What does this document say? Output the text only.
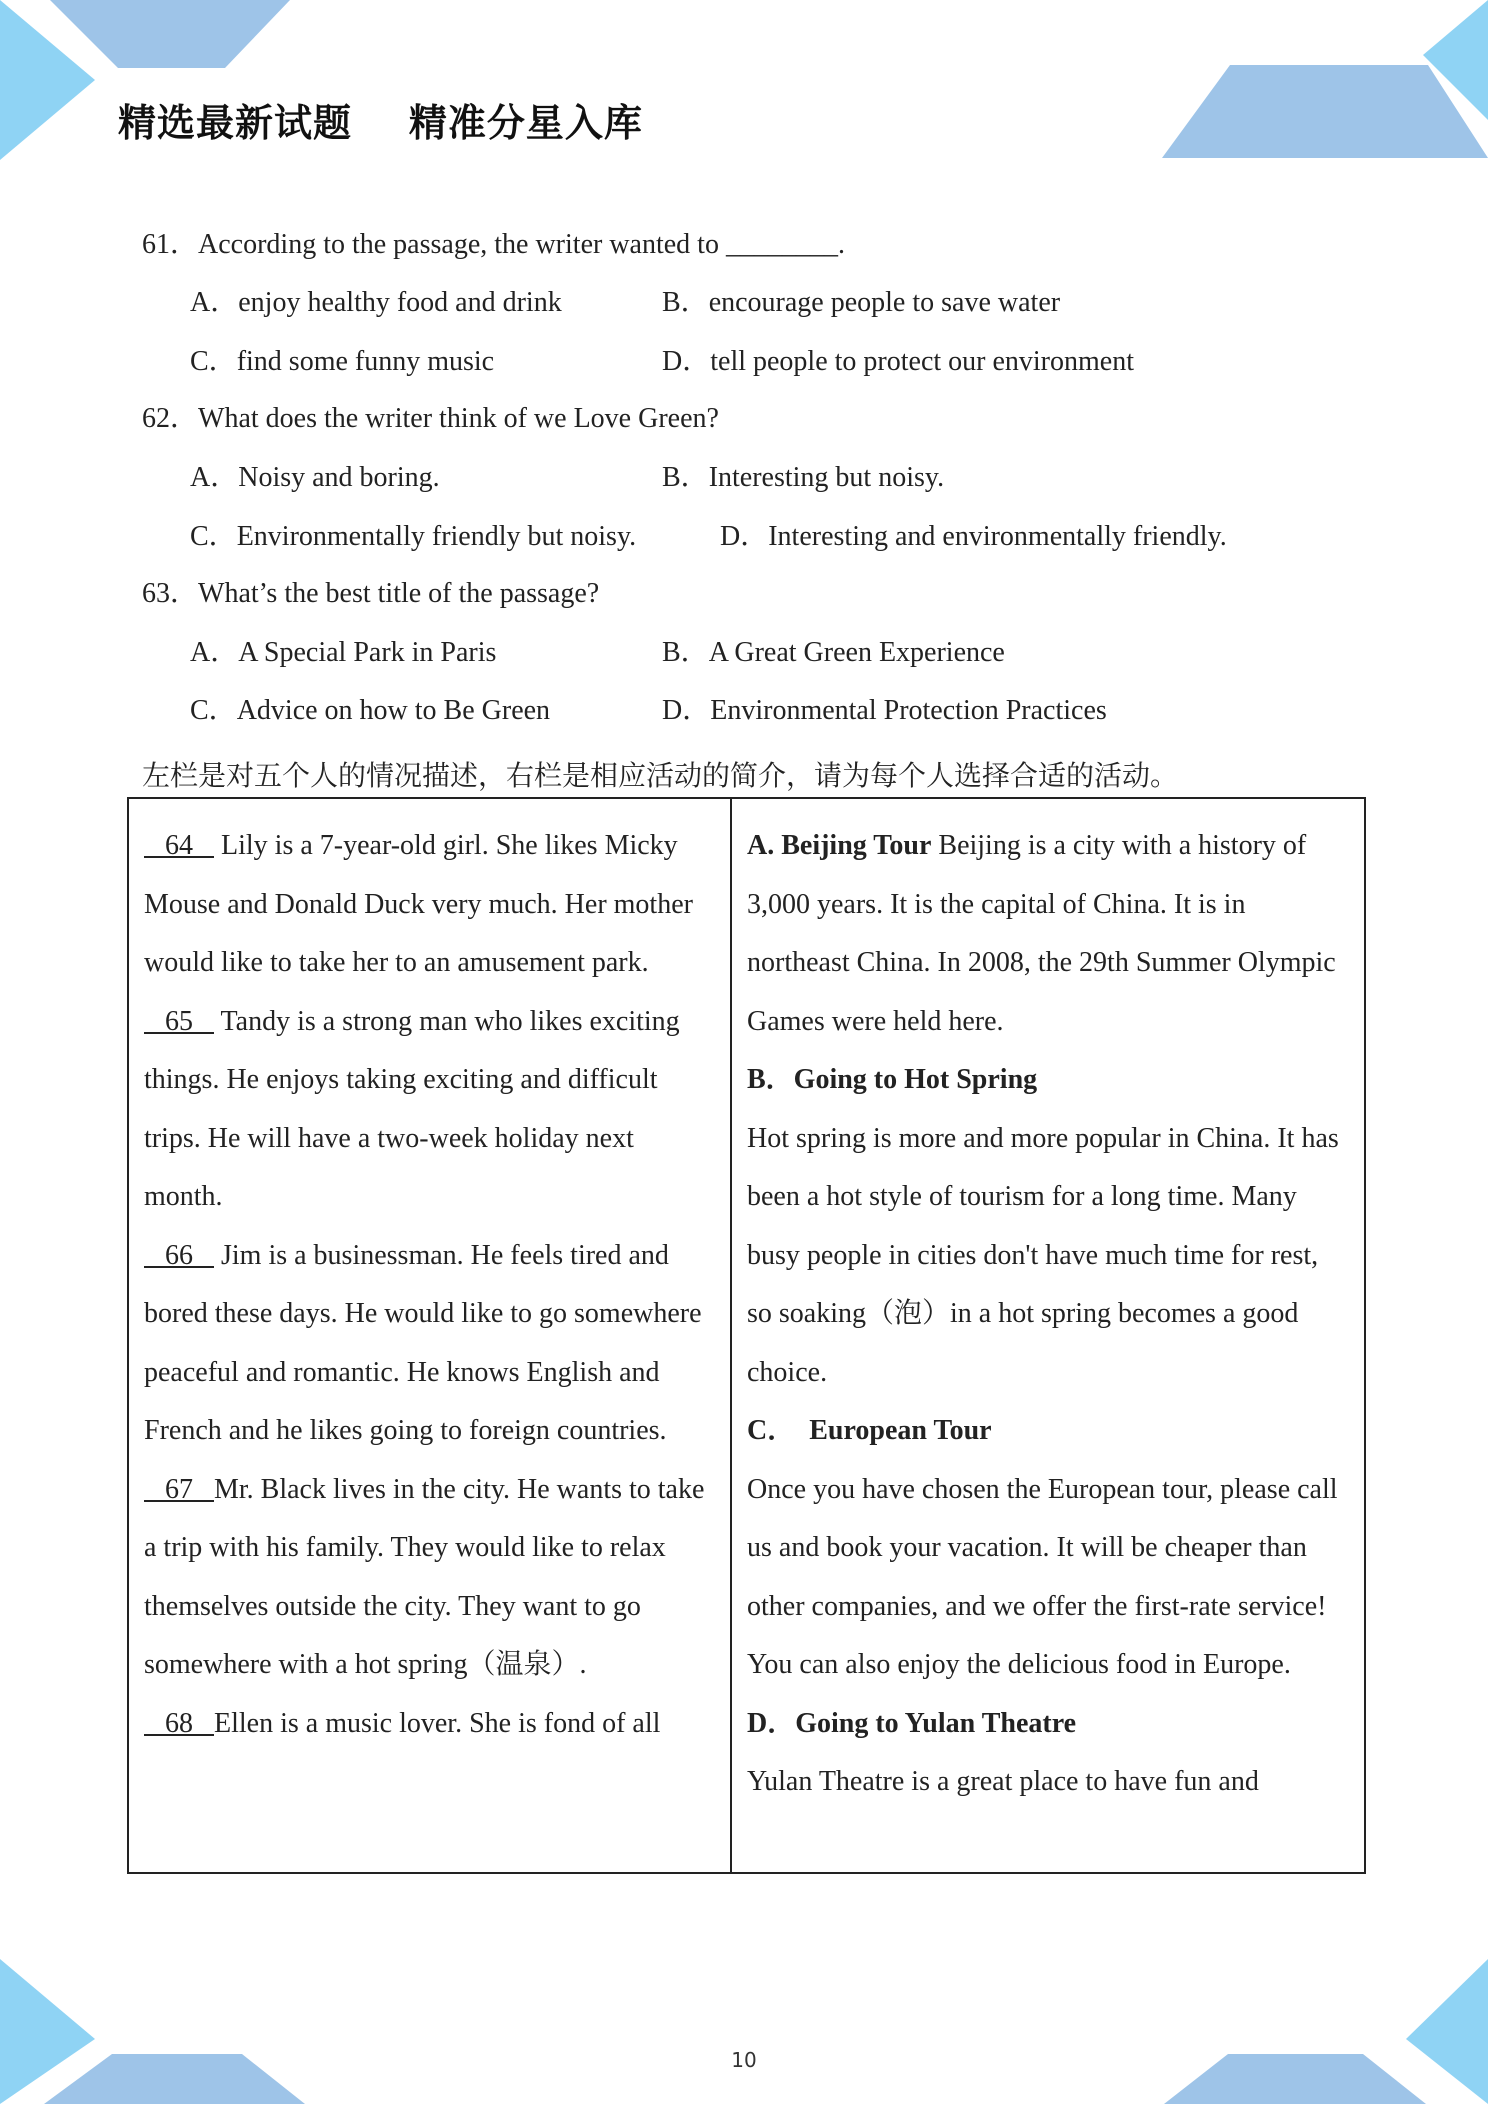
精选最新试题    精准分星入库
61．According to the passage, the writer wanted to ________.
A．enjoy healthy food and drink	B．encourage people to save water
C．find some funny music	D．tell people to protect our environment
62．What does the writer think of we Love Green?
A．Noisy and boring.	B．Interesting but noisy.
C．Environmentally friendly but noisy.	D．Interesting and environmentally friendly.
63．What’s the best title of the passage?
A．A Special Park in Paris	B．A Great Green Experience
C．Advice on how to Be Green	D．Environmental Protection Practices
左栏是对五个人的情况描述，右栏是相应活动的简介，请为每个人选择合适的活动。
64    Lily is a 7-year-old girl. She likes Micky Mouse and Donald Duck very much. Her mother would like to take her to an amusement park.
65    Tandy is a strong man who likes exciting things. He enjoys taking exciting and difficult trips. He will have a two-week holiday next month.
66    Jim is a businessman. He feels tired and bored these days. He would like to go somewhere peaceful and romantic. He knows English and French and he likes going to foreign countries.
67   Mr. Black lives in the city. He wants to take a trip with his family. They would like to relax themselves outside the city. They want to go somewhere with a hot spring（温泉）.
68   Ellen is a music lover. She is fond of all

A. Beijing Tour Beijing is a city with a history of 3,000 years. It is the capital of China. It is in northeast China. In 2008, the 29th Summer Olympic Games were held here.
B．Going to Hot Spring
Hot spring is more and more popular in China. It has been a hot style of tourism for a long time. Many busy people in cities don't have much time for rest, so soaking（泡）in a hot spring becomes a good choice.
C．  European Tour
Once you have chosen the European tour, please call us and book your vacation. It will be cheaper than other companies, and we offer the first-rate service! You can also enjoy the delicious food in Europe.
D．Going to Yulan Theatre
Yulan Theatre is a great place to have fun and
10
